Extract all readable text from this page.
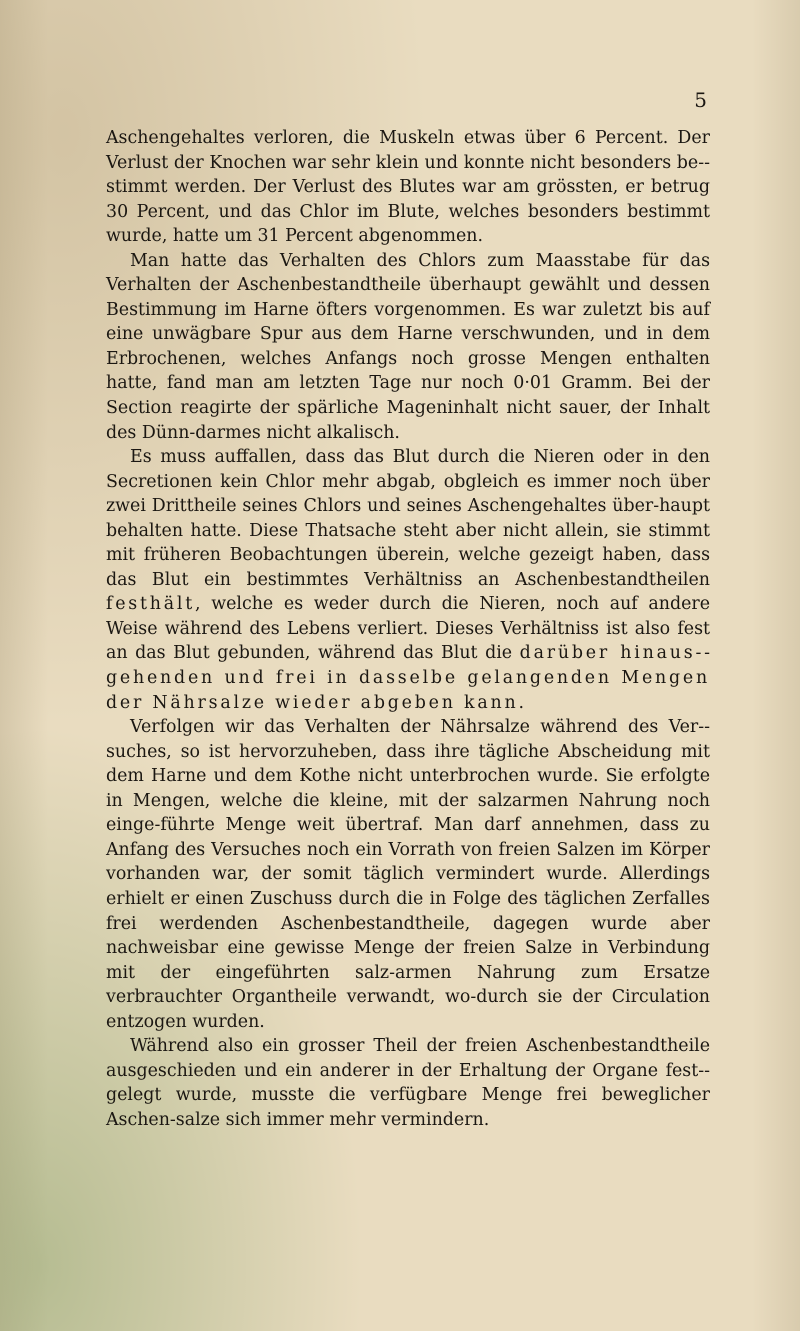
5

Aschengehaltes verloren, die Muskeln etwas über 6 Percent. Der Verlust der Knochen war sehr klein und konnte nicht besonders be-stimmt werden. Der Verlust des Blutes war am grössten, er betrug 30 Percent, und das Chlor im Blute, welches besonders bestimmt wurde, hatte um 31 Percent abgenommen.

Man hatte das Verhalten des Chlors zum Maasstabe für das Verhalten der Aschenbestandtheile überhaupt gewählt und dessen Bestimmung im Harne öfters vorgenommen. Es war zuletzt bis auf eine unwägbare Spur aus dem Harne verschwunden, und in dem Erbrochenen, welches Anfangs noch grosse Mengen enthalten hatte, fand man am letzten Tage nur noch 0·01 Gramm. Bei der Section reagirte der spärliche Mageninhalt nicht sauer, der Inhalt des Dünn-darmes nicht alkalisch.

Es muss auffallen, dass das Blut durch die Nieren oder in den Secretionen kein Chlor mehr abgab, obgleich es immer noch über zwei Drittheile seines Chlors und seines Aschengehaltes über-haupt behalten hatte. Diese Thatsache steht aber nicht allein, sie stimmt mit früheren Beobachtungen überein, welche gezeigt haben, dass das Blut ein bestimmtes Verhältniss an Aschenbestandtheilen festhält, welche es weder durch die Nieren, noch auf andere Weise während des Lebens verliert. Dieses Verhältniss ist also fest an das Blut gebunden, während das Blut die darüber hinaus-gehenden und frei in dasselbe gelangenden Mengen der Nährsalze wieder abgeben kann.

Verfolgen wir das Verhalten der Nährsalze während des Ver-suches, so ist hervorzuheben, dass ihre tägliche Abscheidung mit dem Harne und dem Kothe nicht unterbrochen wurde. Sie erfolgte in Mengen, welche die kleine, mit der salzarmen Nahrung noch einge-führte Menge weit übertraf. Man darf annehmen, dass zu Anfang des Versuches noch ein Vorrath von freien Salzen im Körper vorhanden war, der somit täglich vermindert wurde. Allerdings erhielt er einen Zuschuss durch die in Folge des täglichen Zerfalles frei werdenden Aschenbestandtheile, dagegen wurde aber nachweisbar eine gewisse Menge der freien Salze in Verbindung mit der eingeführten salz-armen Nahrung zum Ersatze verbrauchter Organtheile verwandt, wo-durch sie der Circulation entzogen wurden.

Während also ein grosser Theil der freien Aschenbestandtheile ausgeschieden und ein anderer in der Erhaltung der Organe fest-gelegt wurde, musste die verfügbare Menge frei beweglicher Aschen-salze sich immer mehr vermindern.
